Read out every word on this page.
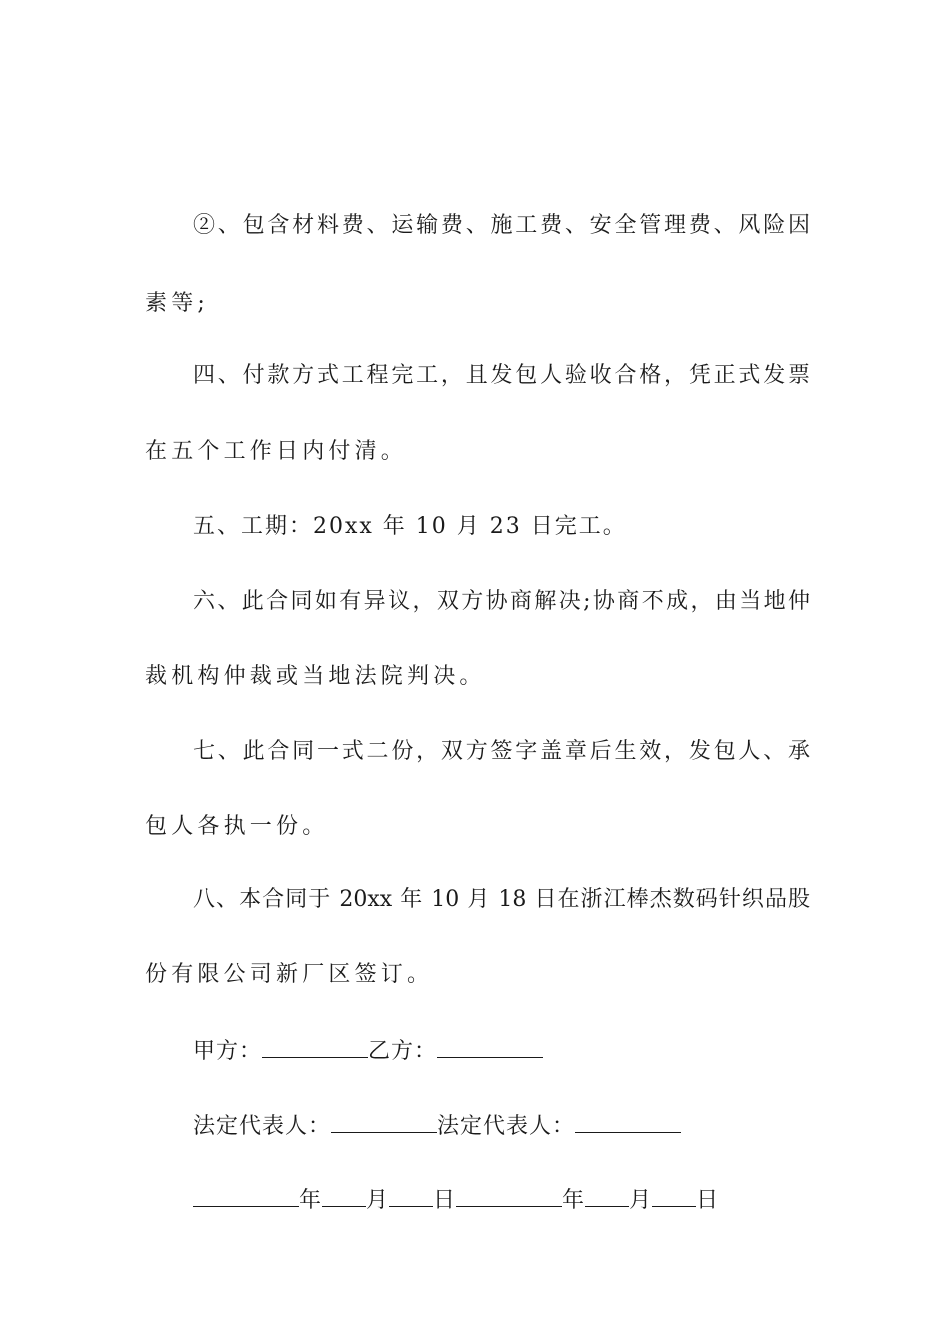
②、包含材料费、运输费、施工费、安全管理费、风险因
素等;
四、付款方式工程完工，且发包人验收合格，凭正式发票
在五个工作日内付清。
五、工期：20xx 年 10 月 23 日完工。
六、此合同如有异议，双方协商解决;协商不成，由当地仲
裁机构仲裁或当地法院判决。
七、此合同一式二份，双方签字盖章后生效，发包人、承
包人各执一份。
八、本合同于 20xx 年 10 月 18 日在浙江棒杰数码针织品股
份有限公司新厂区签订。
甲方：	乙方：
法定代表人：	法定代表人：
年 月 日	年 月 日
